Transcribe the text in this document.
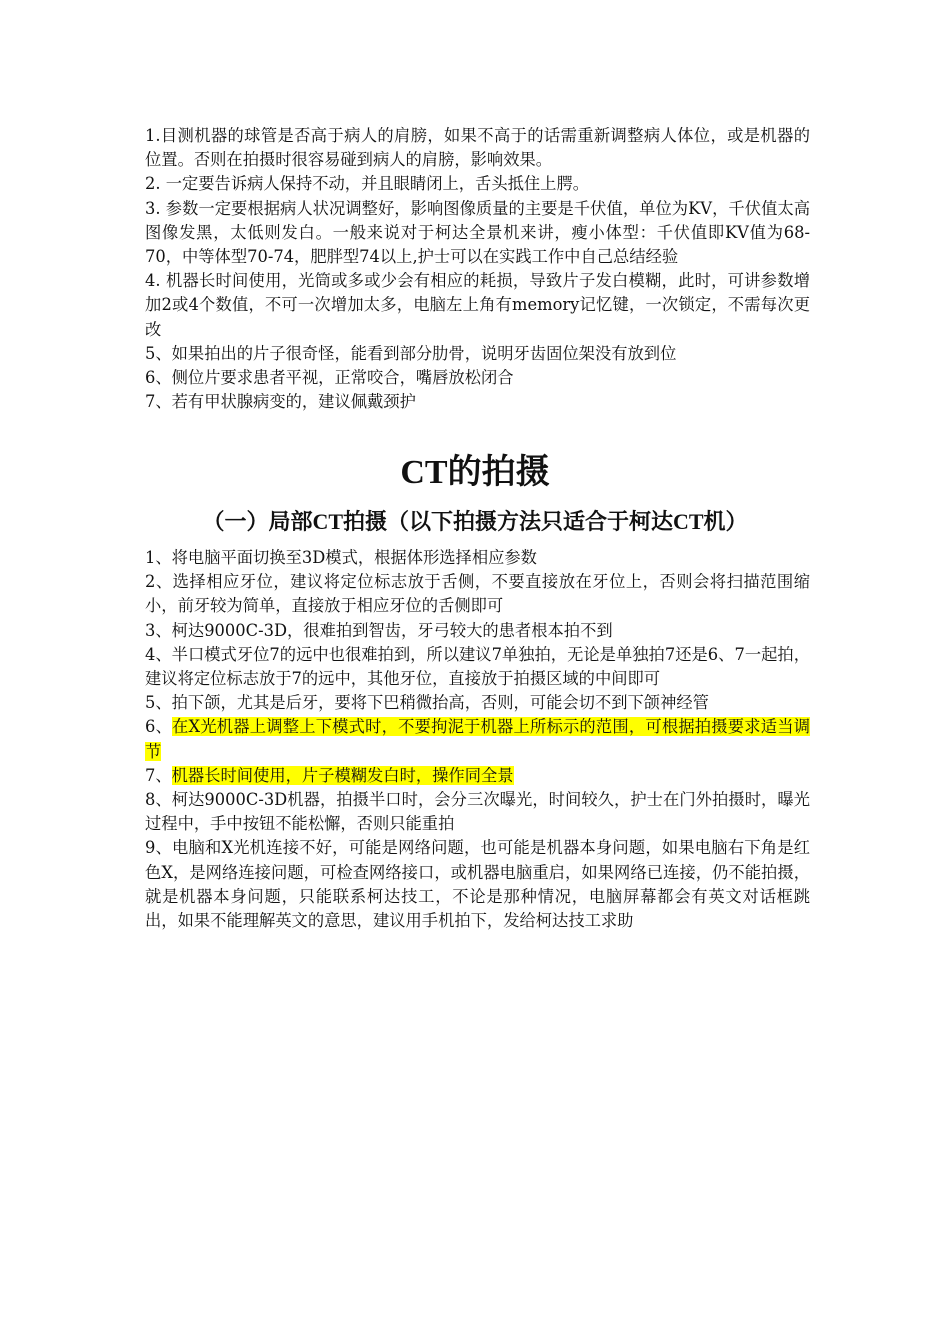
1.目测机器的球管是否高于病人的肩膀，如果不高于的话需重新调整病人体位，或是机器的位置。否则在拍摄时很容易碰到病人的肩膀，影响效果。

2. 一定要告诉病人保持不动，并且眼睛闭上，舌头抵住上腭。

3. 参数一定要根据病人状况调整好，影响图像质量的主要是千伏值，单位为KV，千伏值太高图像发黑，太低则发白。一般来说对于柯达全景机来讲，瘦小体型：千伏值即KV值为68-70，中等体型70-74，肥胖型74以上,护士可以在实践工作中自己总结经验

4. 机器长时间使用，光筒或多或少会有相应的耗损，导致片子发白模糊，此时，可讲参数增加2或4个数值，不可一次增加太多，电脑左上角有memory记忆键，一次锁定，不需每次更改

5、如果拍出的片子很奇怪，能看到部分肋骨，说明牙齿固位架没有放到位

6、侧位片要求患者平视，正常咬合，嘴唇放松闭合

7、若有甲状腺病变的，建议佩戴颈护

CT的拍摄
（一）局部CT拍摄（以下拍摄方法只适合于柯达CT机）

1、将电脑平面切换至3D模式，根据体形选择相应参数

2、选择相应牙位，建议将定位标志放于舌侧，不要直接放在牙位上，否则会将扫描范围缩小，前牙较为简单，直接放于相应牙位的舌侧即可

3、柯达9000C-3D，很难拍到智齿，牙弓较大的患者根本拍不到

4、半口模式牙位7的远中也很难拍到，所以建议7单独拍，无论是单独拍7还是6、7一起拍，建议将定位标志放于7的远中，其他牙位，直接放于拍摄区域的中间即可

5、拍下颌，尤其是后牙，要将下巴稍微抬高，否则，可能会切不到下颌神经管

6、在X光机器上调整上下模式时，不要拘泥于机器上所标示的范围，可根据拍摄要求适当调节

7、机器长时间使用，片子模糊发白时，操作同全景

8、柯达9000C-3D机器，拍摄半口时，会分三次曝光，时间较久，护士在门外拍摄时，曝光过程中，手中按钮不能松懈，否则只能重拍

9、电脑和X光机连接不好，可能是网络问题，也可能是机器本身问题，如果电脑右下角是红色X，是网络连接问题，可检查网络接口，或机器电脑重启，如果网络已连接，仍不能拍摄，就是机器本身问题，只能联系柯达技工，不论是那种情况，电脑屏幕都会有英文对话框跳出，如果不能理解英文的意思，建议用手机拍下，发给柯达技工求助
